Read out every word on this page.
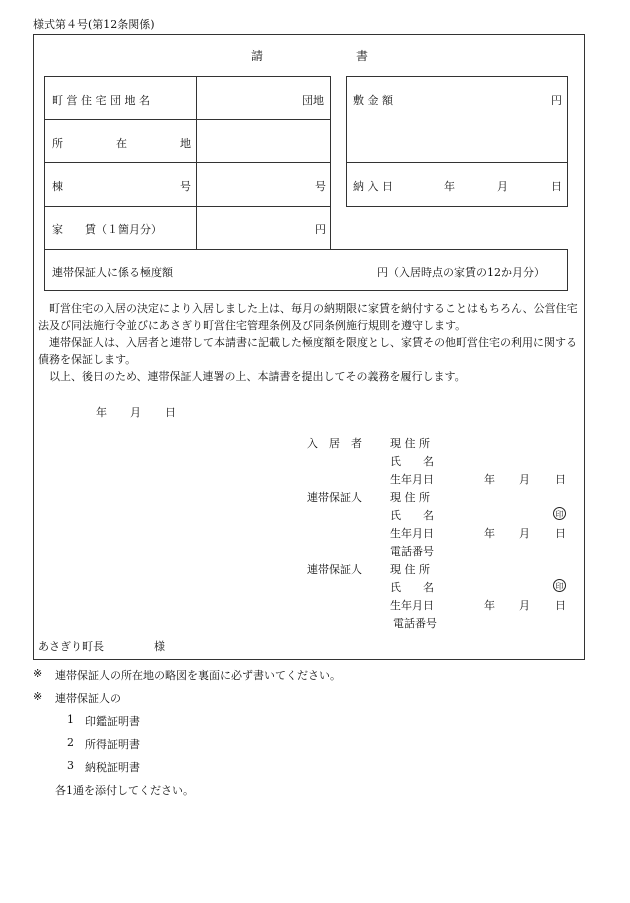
様式第４号(第12条関係)
請	書
町 営 住 宅 団 地 名	団地
所	在	地
棟	号	号
家　　賃（１箇月分）	円
敷 金 額	円
納 入 日	年	月	日
連帯保証人に係る極度額	円（入居時点の家賃の12か月分）
町営住宅の入居の決定により入居しました上は、毎月の納期限に家賃を納付することはもちろん、公営住宅法及び同法施行令並びにあさぎり町営住宅管理条例及び同条例施行規則を遵守します。
連帯保証人は、入居者と連帯して本請書に記載した極度額を限度とし、家賃その他町営住宅の利用に関する債務を保証します。
以上、後日のため、連帯保証人連署の上、本請書を提出してその義務を履行します。
年 月 日
入　居　者	現 住 所
氏　　名
生年月日	年 月 日
連帯保証人	現 住 所
氏　　名	印
生年月日	年 月 日
電話番号
連帯保証人	現 住 所
氏　　名	印
生年月日	年 月 日
電話番号
あさぎり町長	様
※ 連帯保証人の所在地の略図を裏面に必ず書いてください。
※ 連帯保証人の
1 印鑑証明書
2 所得証明書
3 納税証明書
各1通を添付してください。
